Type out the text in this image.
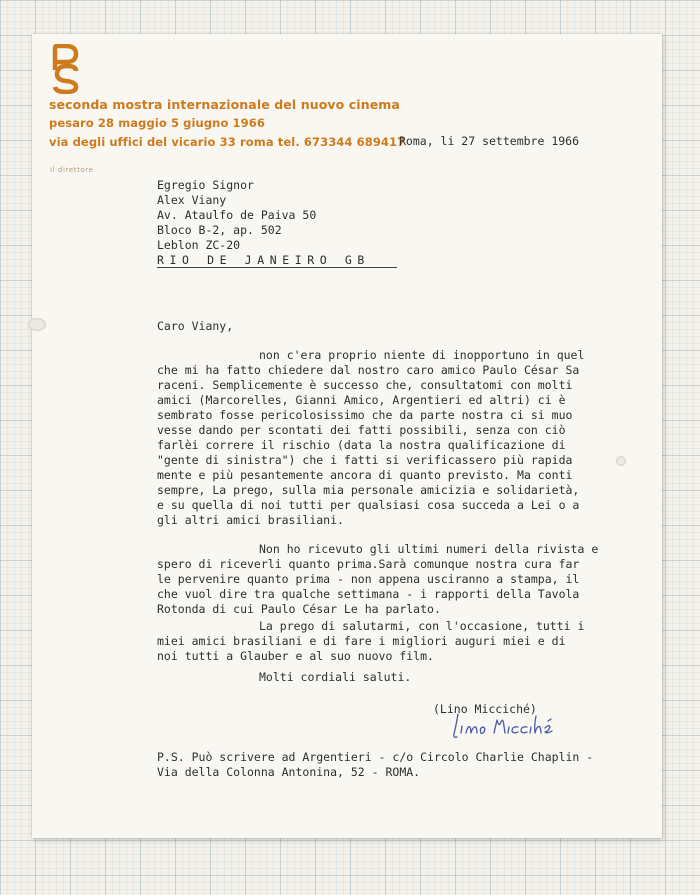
seconda mostra internazionale del nuovo cinema
pesaro 28 maggio 5 giugno 1966
via degli uffici del vicario 33 roma tel. 673344 689417
il direttore
Roma, li 27 settembre 1966
Egregio Signor
Alex Viany
Av. Ataulfo de Paiva 50
Bloco B-2, ap. 502
Leblon ZC-20
RIO DE JANEIRO GB
Caro Viany,
non c'era proprio niente di inopportuno in quel
che mi ha fatto chiedere dal nostro caro amico Paulo César Sa
raceni. Semplicemente è successo che, consultatomi con molti
amici (Marcorelles, Gianni Amico, Argentieri ed altri) ci è
sembrato fosse pericolosissimo che da parte nostra ci si muo
vesse dando per scontati dei fatti possibili, senza con ciò
farlèi correre il rischio (data la nostra qualificazione di
"gente di sinistra") che i fatti si verificassero più rapida
mente e più pesantemente ancora di quanto previsto. Ma conti
sempre, La prego, sulla mia personale amicizia e solidarietà,
e su quella di noi tutti per qualsiasi cosa succeda a Lei o a
gli altri amici brasiliani.
Non ho ricevuto gli ultimi numeri della rivista e
spero di riceverli quanto prima.Sarà comunque nostra cura far
le pervenire quanto prima - non appena usciranno a stampa, il
che vuol dire tra qualche settimana - i rapporti della Tavola
Rotonda di cui Paulo César Le ha parlato.
La prego di salutarmi, con l'occasione, tutti i
miei amici brasiliani e di fare i migliori auguri miei e di
noi tutti a Glauber e al suo nuovo film.
Molti cordiali saluti.
(Lino Micciché)
P.S. Può scrivere ad Argentieri - c/o Circolo Charlie Chaplin -
Via della Colonna Antonina, 52 - ROMA.
